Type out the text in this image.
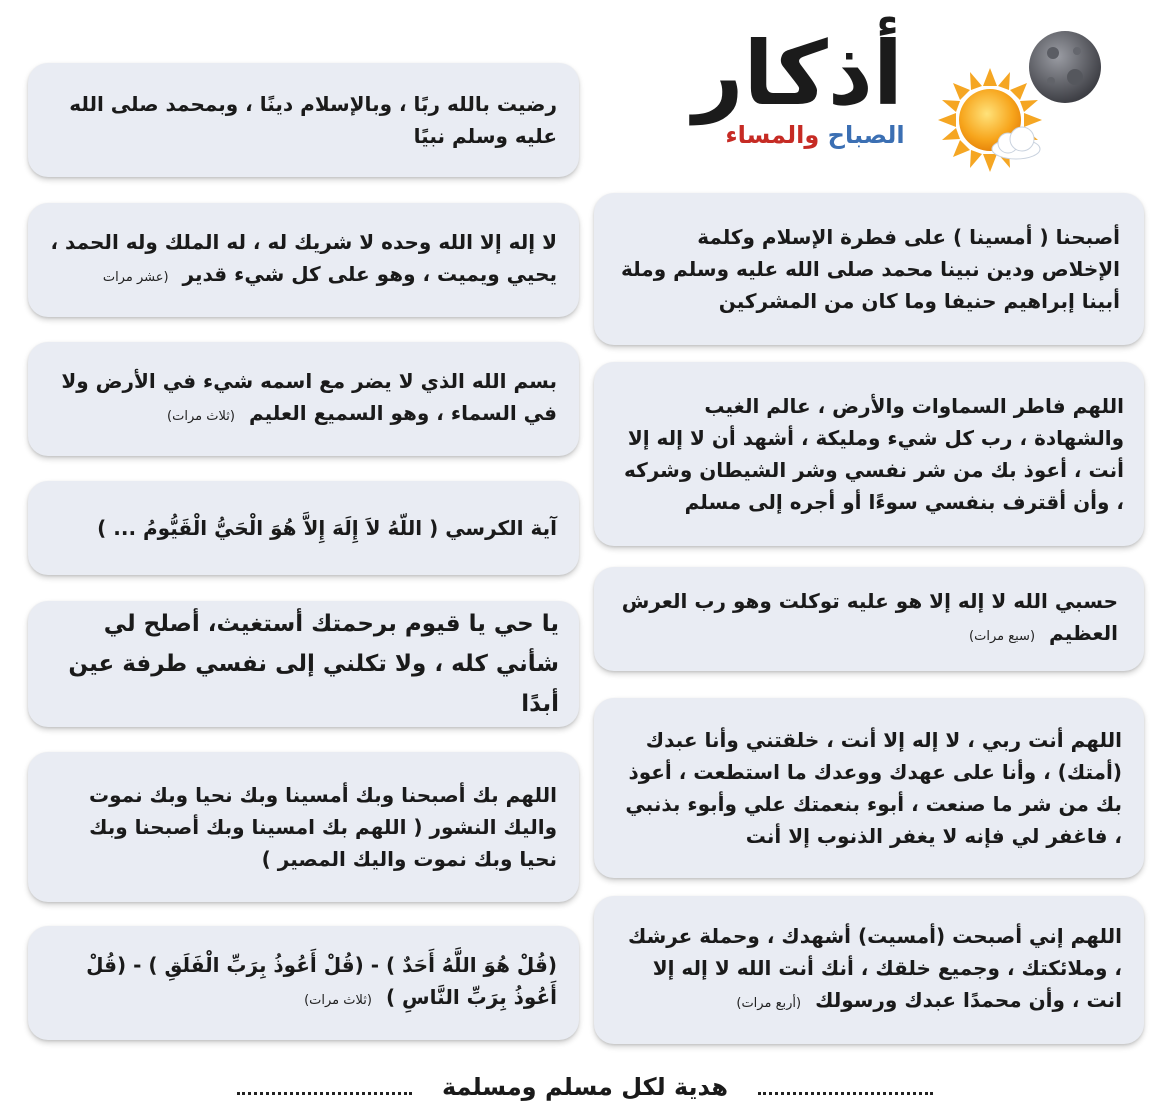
أذكار
الصباح والمساء
رضيت بالله ربًا ، وبالإسلام دينًا ، وبمحمد صلى الله عليه وسلم نبيًا
لا إله إلا الله وحده لا شريك له ، له الملك وله الحمد ، يحيي ويميت ، وهو على كل شيء قدير(عشر مرات
بسم الله الذي لا يضر مع اسمه شيء في الأرض ولا في السماء ، وهو السميع العليم(ثلاث مرات)
آية الكرسي ( اللّهُ لاَ إِلَهَ إِلاَّ هُوَ الْحَيُّ الْقَيُّومُ ... )
يا حي يا قيوم برحمتك أستغيث، أصلح لي شأني كله ، ولا تكلني إلى نفسي طرفة عين أبدًا
اللهم بك أصبحنا وبك أمسينا وبك نحيا وبك نموت واليك النشور ( اللهم بك امسينا وبك أصبحنا وبك نحيا وبك نموت واليك المصير )
(قُلْ هُوَ اللَّهُ أَحَدٌ ) - (قُلْ أَعُوذُ بِرَبِّ الْفَلَقِ ) - (قُلْ أَعُوذُ بِرَبِّ النَّاسِ )(ثلاث مرات)
أصبحنا ( أمسينا ) على فطرة الإسلام وكلمة الإخلاص ودين نبينا محمد صلى الله عليه وسلم وملة أبينا إبراهيم حنيفا وما كان من المشركين
اللهم فاطر السماوات والأرض ، عالم الغيب والشهادة ، رب كل شيء ومليكة ، أشهد أن لا إله إلا أنت ، أعوذ بك من شر نفسي وشر الشيطان وشركه ، وأن أقترف بنفسي سوءًا أو أجره إلى مسلم
حسبي الله لا إله إلا هو عليه توكلت وهو رب العرش العظيم(سبع مرات)
اللهم أنت ربي ، لا إله إلا أنت ، خلقتني وأنا عبدك (أمتك) ، وأنا على عهدك ووعدك ما استطعت ، أعوذ بك من شر ما صنعت ، أبوء بنعمتك علي وأبوء بذنبي ، فاغفر لي فإنه لا يغفر الذنوب إلا أنت
اللهم إني أصبحت (أمسيت) أشهدك ، وحملة عرشك ، وملائكتك ، وجميع خلقك ، أنك أنت الله لا إله إلا انت ، وأن محمدًا عبدك ورسولك(أربع مرات)
هدية لكل مسلم ومسلمة
